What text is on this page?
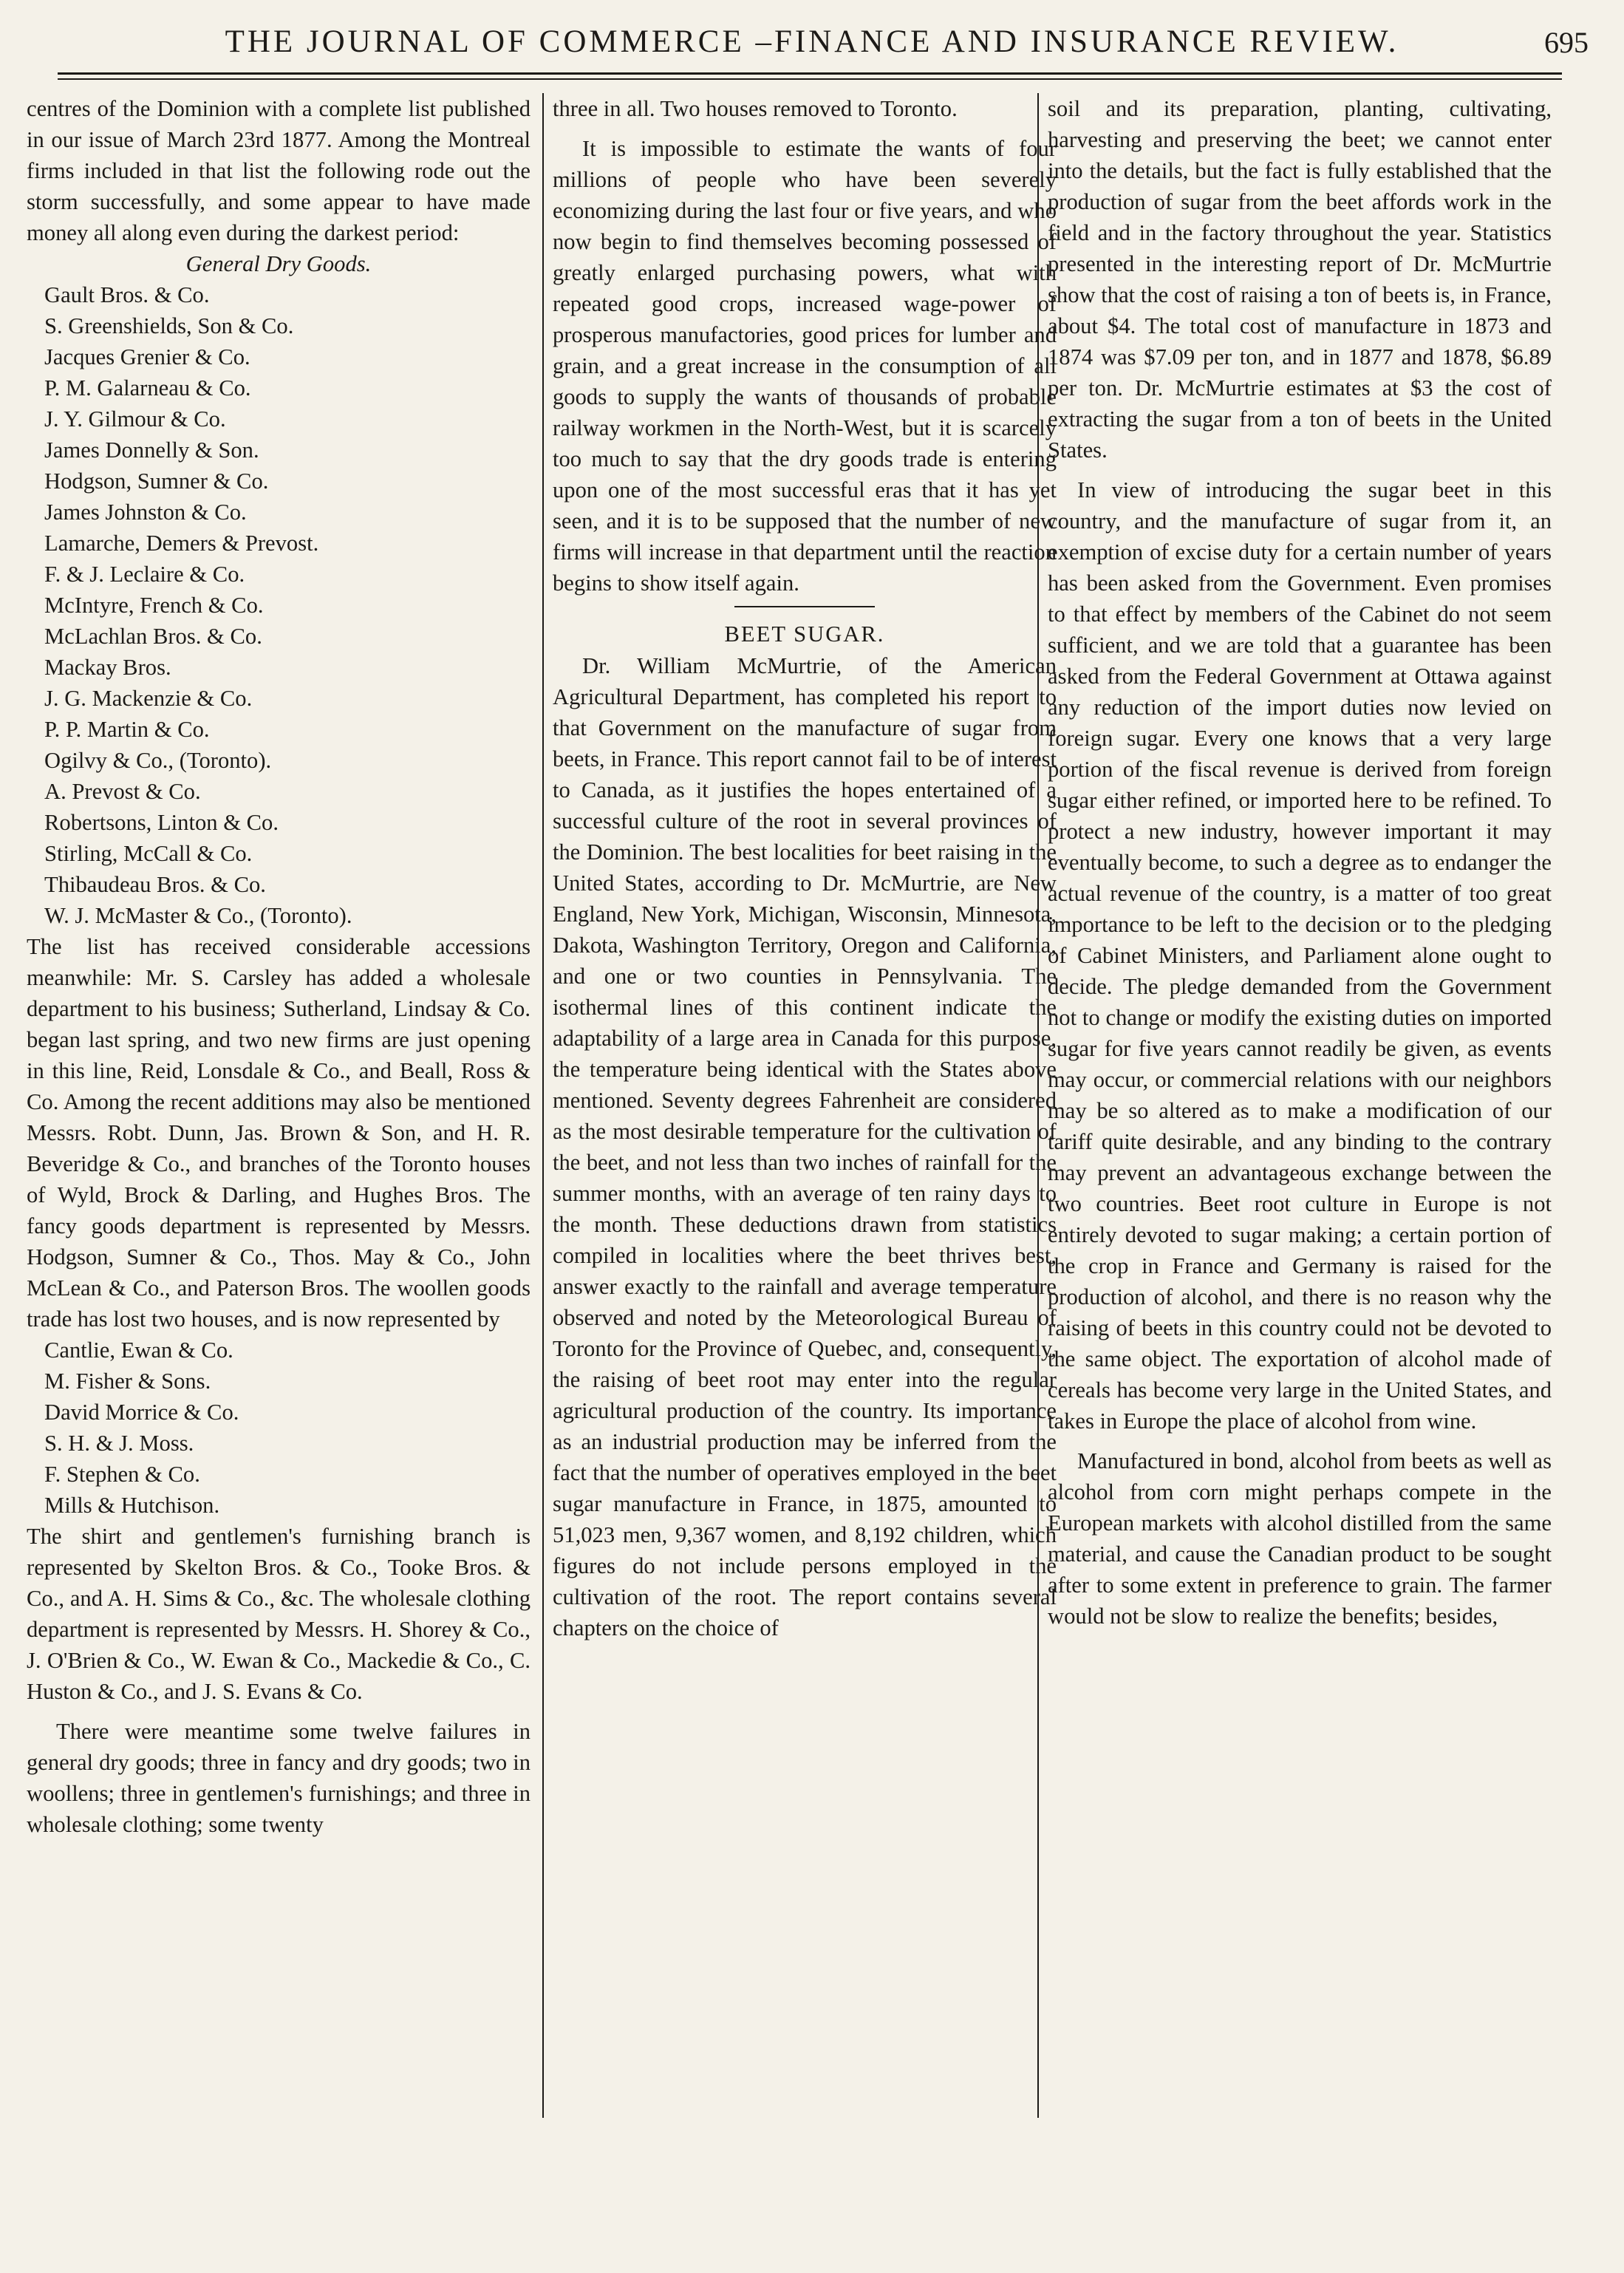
THE JOURNAL OF COMMERCE –FINANCE AND INSURANCE REVIEW.	695

centres of the Dominion with a complete list published in our issue of March 23rd 1877. Among the Montreal firms included in that list the following rode out the storm successfully, and some appear to have made money all along even during the darkest period:

General Dry Goods.

Gault Bros. & Co.
S. Greenshields, Son & Co.
Jacques Grenier & Co.
P. M. Galarneau & Co.
J. Y. Gilmour & Co.
James Donnelly & Son.
Hodgson, Sumner & Co.
James Johnston & Co.
Lamarche, Demers & Prevost.
F. & J. Leclaire & Co.
McIntyre, French & Co.
McLachlan Bros. & Co.
Mackay Bros.
J. G. Mackenzie & Co.
P. P. Martin & Co.
Ogilvy & Co., (Toronto).
A. Prevost & Co.
Robertsons, Linton & Co.
Stirling, McCall & Co.
Thibaudeau Bros. & Co.
W. J. McMaster & Co., (Toronto).

The list has received considerable accessions meanwhile: Mr. S. Carsley has added a wholesale department to his business; Sutherland, Lindsay & Co. began last spring, and two new firms are just opening in this line, Reid, Lonsdale & Co., and Beall, Ross & Co. Among the recent additions may also be mentioned Messrs. Robt. Dunn, Jas. Brown & Son, and H. R. Beveridge & Co., and branches of the Toronto houses of Wyld, Brock & Darling, and Hughes Bros. The fancy goods department is represented by Messrs. Hodgson, Sumner & Co., Thos. May & Co., John McLean & Co., and Paterson Bros. The woollen goods trade has lost two houses, and is now represented by

Cantlie, Ewan & Co.
M. Fisher & Sons.
David Morrice & Co.
S. H. & J. Moss.
F. Stephen & Co.
Mills & Hutchison.

The shirt and gentlemen's furnishing branch is represented by Skelton Bros. & Co., Tooke Bros. & Co., and A. H. Sims & Co., &c. The wholesale clothing department is represented by Messrs. H. Shorey & Co., J. O'Brien & Co., W. Ewan & Co., Mackedie & Co., C. Huston & Co., and J. S. Evans & Co.

There were meantime some twelve failures in general dry goods; three in fancy and dry goods; two in woollens; three in gentlemen's furnishings; and three in wholesale clothing; some twenty

three in all. Two houses removed to Toronto.

It is impossible to estimate the wants of four millions of people who have been severely economizing during the last four or five years, and who now begin to find themselves becoming possessed of greatly enlarged purchasing powers, what with repeated good crops, increased wage-power of prosperous manufactories, good prices for lumber and grain, and a great increase in the consumption of all goods to supply the wants of thousands of probable railway workmen in the North-West, but it is scarcely too much to say that the dry goods trade is entering upon one of the most successful eras that it has yet seen, and it is to be supposed that the number of new firms will increase in that department until the reaction begins to show itself again.

BEET SUGAR.

Dr. William McMurtrie, of the American Agricultural Department, has completed his report to that Government on the manufacture of sugar from beets, in France. This report cannot fail to be of interest to Canada, as it justifies the hopes entertained of a successful culture of the root in several provinces of the Dominion. The best localities for beet raising in the United States, according to Dr. McMurtrie, are New England, New York, Michigan, Wisconsin, Minnesota, Dakota, Washington Territory, Oregon and California, and one or two counties in Pennsylvania. The isothermal lines of this continent indicate the adaptability of a large area in Canada for this purpose, the temperature being identical with the States above mentioned. Seventy degrees Fahrenheit are considered as the most desirable temperature for the cultivation of the beet, and not less than two inches of rainfall for the summer months, with an average of ten rainy days to the month. These deductions drawn from statistics compiled in localities where the beet thrives best, answer exactly to the rainfall and average temperature observed and noted by the Meteorological Bureau of Toronto for the Province of Quebec, and, consequently, the raising of beet root may enter into the regular agricultural production of the country. Its importance as an industrial production may be inferred from the fact that the number of operatives employed in the beet sugar manufacture in France, in 1875, amounted to 51,023 men, 9,367 women, and 8,192 children, which figures do not include persons employed in the cultivation of the root. The report contains several chapters on the choice of

soil and its preparation, planting, cultivating, harvesting and preserving the beet; we cannot enter into the details, but the fact is fully established that the production of sugar from the beet affords work in the field and in the factory throughout the year. Statistics presented in the interesting report of Dr. McMurtrie show that the cost of raising a ton of beets is, in France, about $4. The total cost of manufacture in 1873 and 1874 was $7.09 per ton, and in 1877 and 1878, $6.89 per ton. Dr. McMurtrie estimates at $3 the cost of extracting the sugar from a ton of beets in the United States.

In view of introducing the sugar beet in this country, and the manufacture of sugar from it, an exemption of excise duty for a certain number of years has been asked from the Government. Even promises to that effect by members of the Cabinet do not seem sufficient, and we are told that a guarantee has been asked from the Federal Government at Ottawa against any reduction of the import duties now levied on foreign sugar. Every one knows that a very large portion of the fiscal revenue is derived from foreign sugar either refined, or imported here to be refined. To protect a new industry, however important it may eventually become, to such a degree as to endanger the actual revenue of the country, is a matter of too great importance to be left to the decision or to the pledging of Cabinet Ministers, and Parliament alone ought to decide. The pledge demanded from the Government not to change or modify the existing duties on imported sugar for five years cannot readily be given, as events may occur, or commercial relations with our neighbors may be so altered as to make a modification of our tariff quite desirable, and any binding to the contrary may prevent an advantageous exchange between the two countries. Beet root culture in Europe is not entirely devoted to sugar making; a certain portion of the crop in France and Germany is raised for the production of alcohol, and there is no reason why the raising of beets in this country could not be devoted to the same object. The exportation of alcohol made of cereals has become very large in the United States, and takes in Europe the place of alcohol from wine.

Manufactured in bond, alcohol from beets as well as alcohol from corn might perhaps compete in the European markets with alcohol distilled from the same material, and cause the Canadian product to be sought after to some extent in preference to grain. The farmer would not be slow to realize the benefits; besides,
